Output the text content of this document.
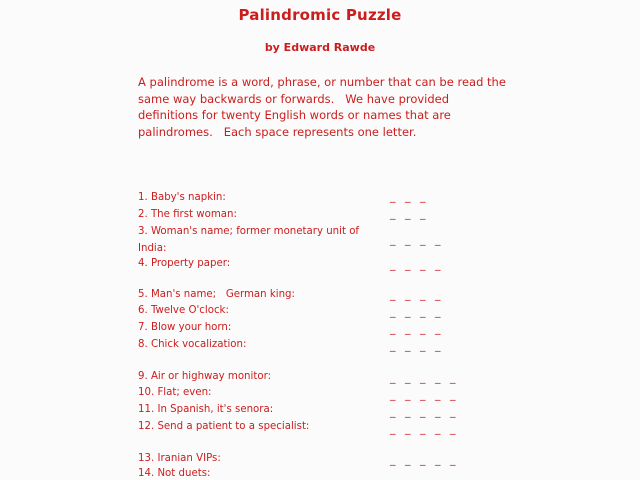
Palindromic Puzzle
by Edward Rawde
A palindrome is a word, phrase, or number that can be read the same way backwards or forwards.   We have provided definitions for twenty English words or names that are palindromes.   Each space represents one letter.
1. Baby's napkin:	_ _ _
2. The first woman:	_ _ _
3. Woman's name; former monetary unit of India:
_ _ _ _
4. Property paper:	_ _ _ _
5. Man's name;   German king:	_ _ _ _
6. Twelve O'clock:	_ _ _ _
7. Blow your horn:	_ _ _ _
8. Chick vocalization:	_ _ _ _
9. Air or highway monitor:	_ _ _ _ _
10. Flat; even:	_ _ _ _ _
11. In Spanish, it's senora:	_ _ _ _ _
12. Send a patient to a specialist:	_ _ _ _ _
13. Iranian VIPs:	_ _ _ _ _
14. Not duets:
